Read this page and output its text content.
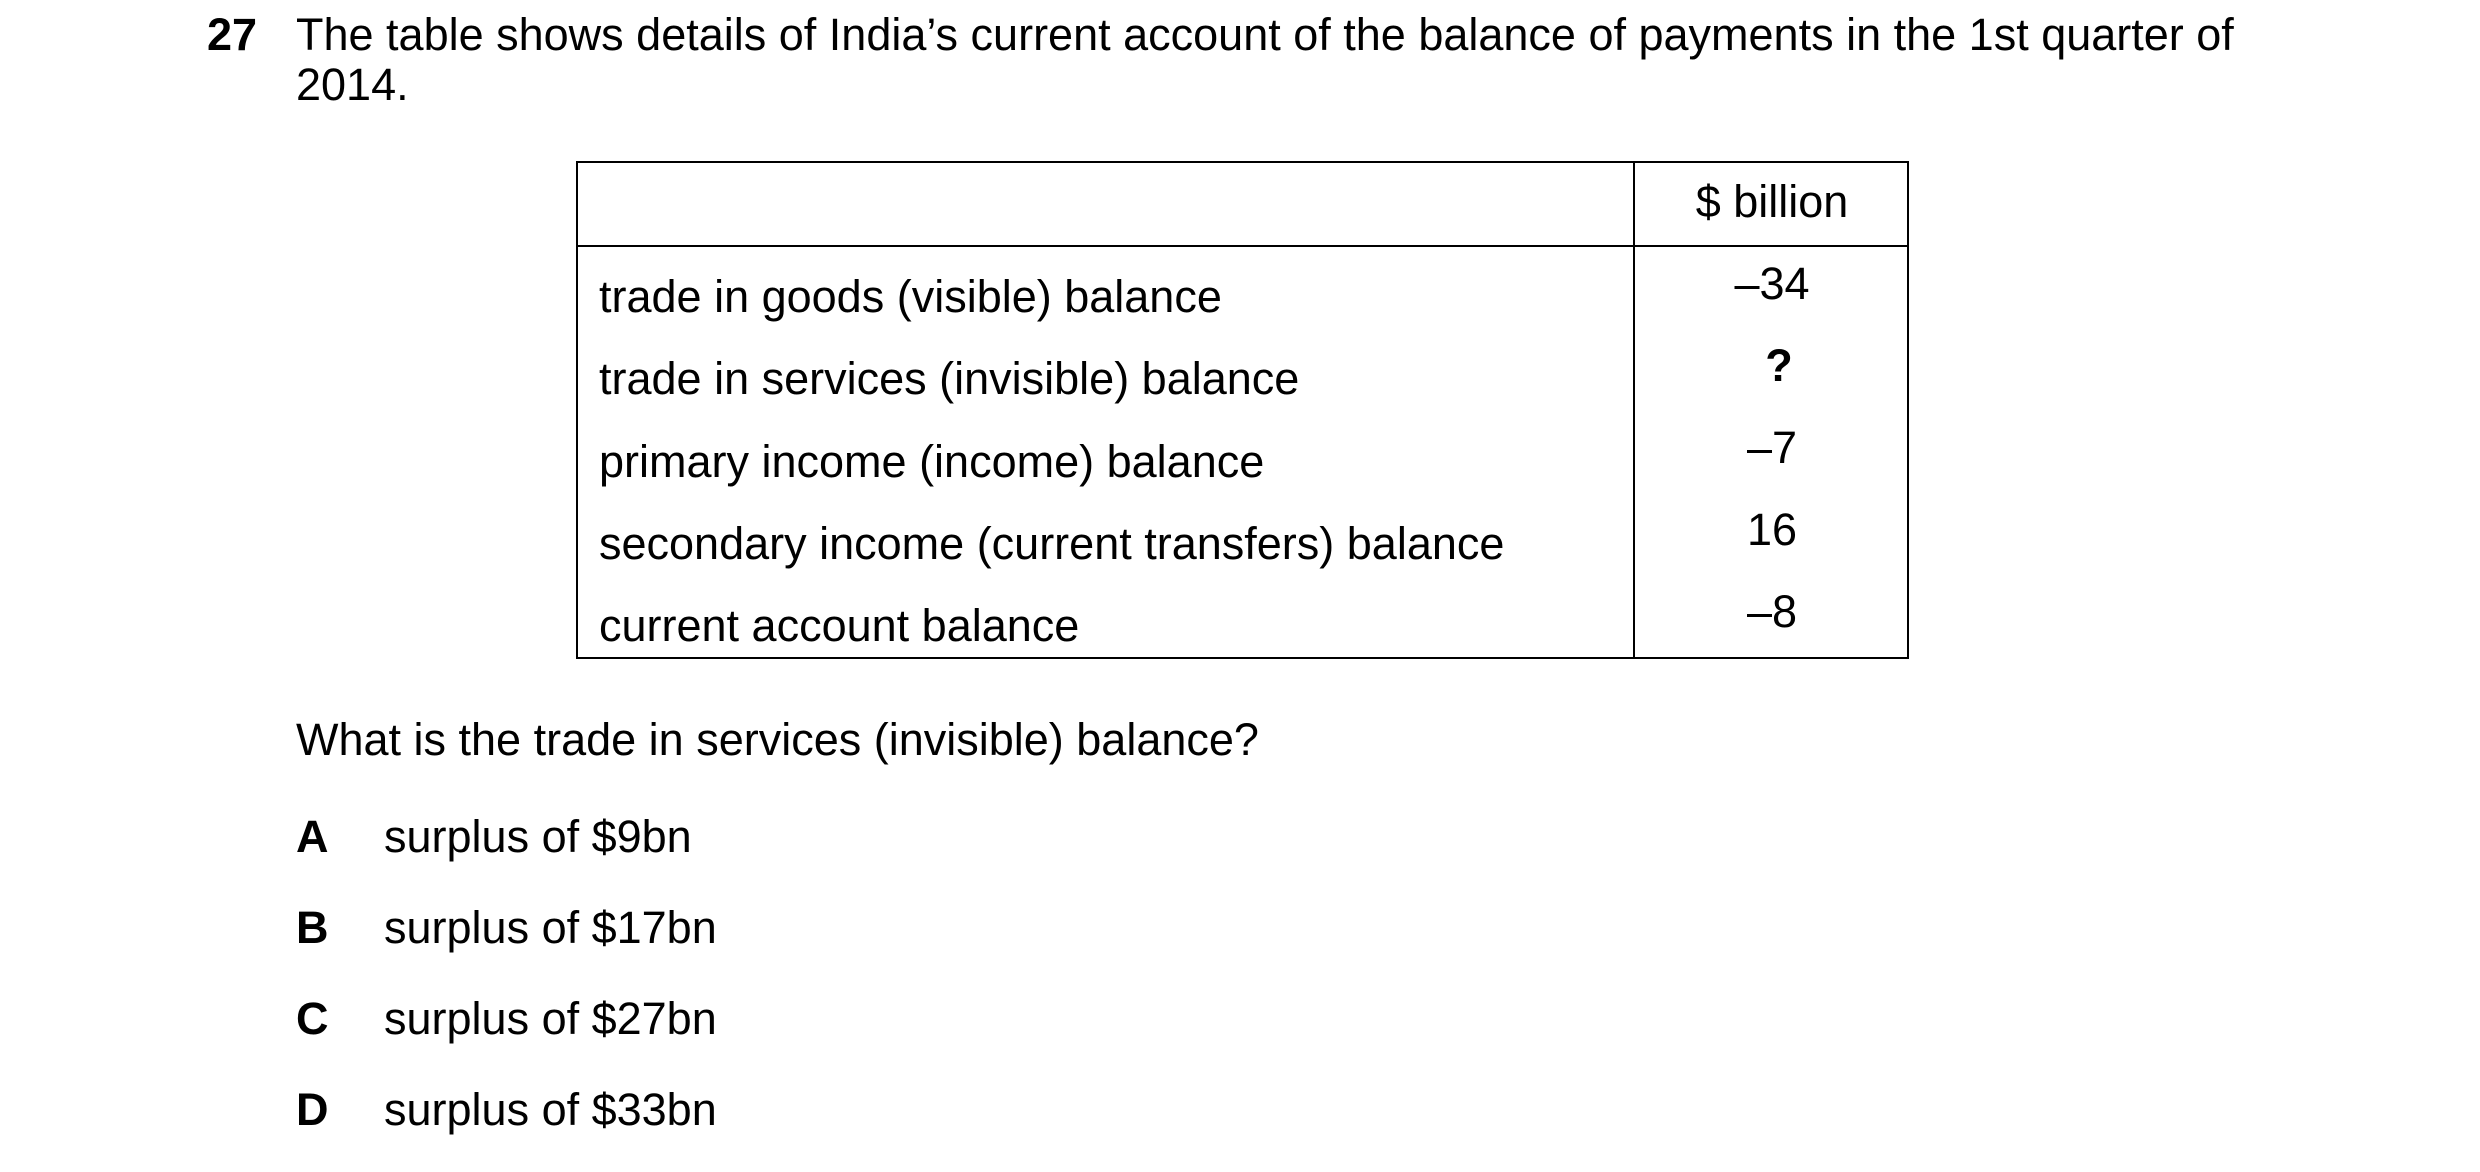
27 The table shows details of India’s current account of the balance of payments in the 1st quarter of 2014.
$ billion
trade in goods (visible) balance	–34
trade in services (invisible) balance	?
primary income (income) balance	–7
secondary income (current transfers) balance	16
current account balance	–8
What is the trade in services (invisible) balance?
A surplus of $9bn
B surplus of $17bn
C surplus of $27bn
D surplus of $33bn
